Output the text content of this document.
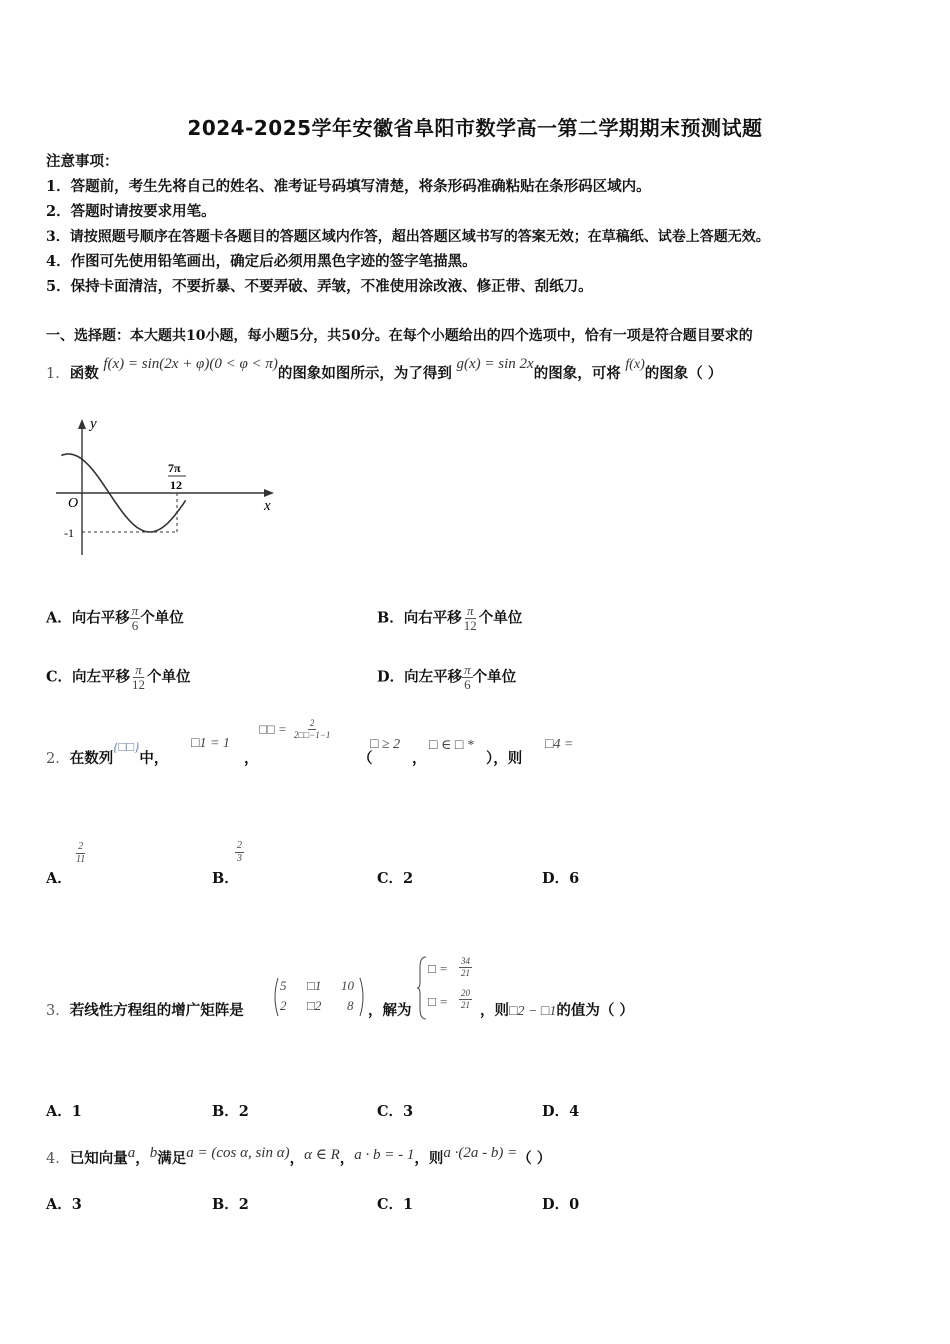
2024-2025学年安徽省阜阳市数学高一第二学期期末预测试题
注意事项：
1．答题前，考生先将自己的姓名、准考证号码填写清楚，将条形码准确粘贴在条形码区域内。
2．答题时请按要求用笔。
3．请按照题号顺序在答题卡各题目的答题区域内作答，超出答题区域书写的答案无效；在草稿纸、试卷上答题无效。
4．作图可先使用铅笔画出，确定后必须用黑色字迹的签字笔描黑。
5．保持卡面清洁，不要折暴、不要弄破、弄皱，不准使用涂改液、修正带、刮纸刀。
一、选择题：本大题共10小题，每小题5分，共50分。在每个小题给出的四个选项中，恰有一项是符合题目要求的
1．函数 f(x) = sin(2x + φ)(0 < φ < π)的图象如图所示，为了得到 g(x) = sin 2x的图象，可将 f(x)的图象（ ）
y
x
O
-1
7π
12
A．向右平移 $\frac{\pi}{6}$ 个单位	B．向右平移 $\frac{\pi}{12}$ 个单位
C．向左平移 $\frac{\pi}{12}$ 个单位	D．向左平移 $\frac{\pi}{6}$ 个单位
2．在数列{□□}中，
□1 = 1
，
□□ = $\frac{2}{2□□-1-1}$
（
□ ≥ 2
，
□ ∈ □ *
），则
□4 =
A．
$\frac{2}{11}$
B．
$\frac{2}{3}$
C．2	D．6
3．若线性方程组的增广矩阵是
5 □1 10
2 □2 8 ，解为
□ = $\frac{34}{21}$
□ = $\frac{20}{21}$ ，则□2 − □1的值为（ ）
A．1	B．2	C．3	D．4
4．已知向量a，b满足a = (cos α, sin α)，α ∈ R，a · b = - 1，则a ·(2a - b) =（ ）
A．3	B．2	C．1	D．0
